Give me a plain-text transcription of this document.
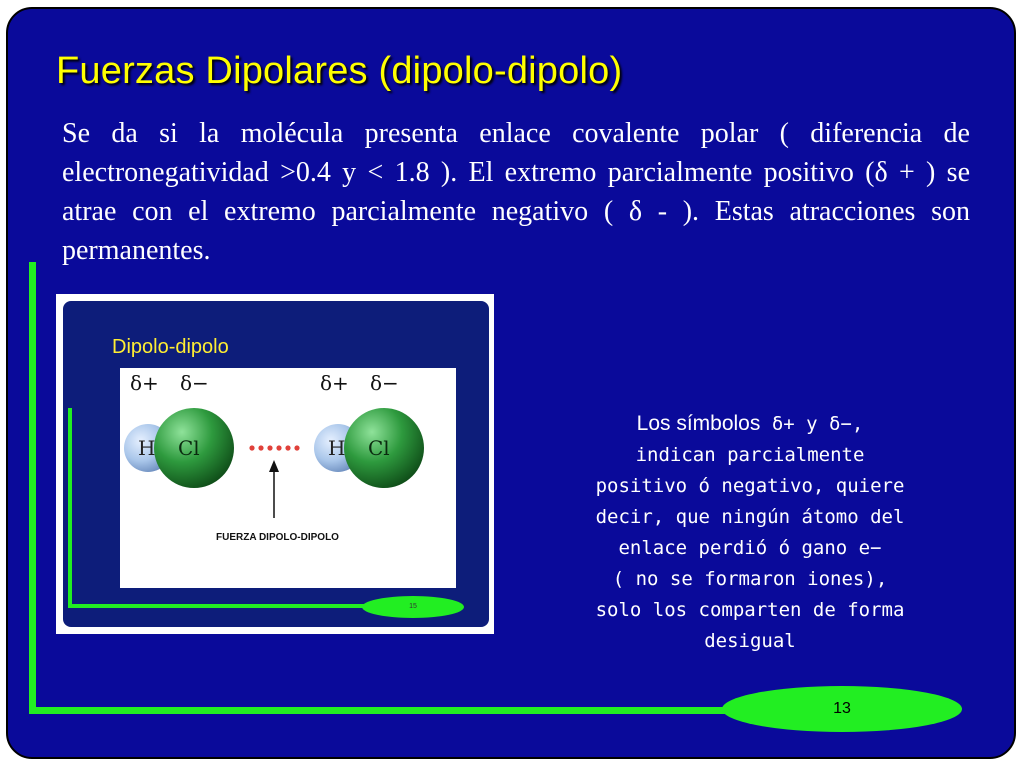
Fuerzas Dipolares (dipolo-dipolo)
Se da si la molécula presenta enlace covalente polar ( diferencia de electronegatividad >0.4 y < 1.8 ). El extremo parcialmente positivo (δ + ) se atrae con el extremo parcialmente negativo ( δ - ). Estas atracciones son permanentes.
13
Dipolo-dipolo
15
δ+ δ−	δ+ δ−
H Cl	H Cl
FUERZA DIPOLO-DIPOLO
Los símbolos δ+ y δ−,
indican parcialmente
positivo ó negativo, quiere
decir, que ningún átomo del
enlace perdió ó gano e−
( no se formaron iones),
solo los comparten de forma
desigual
